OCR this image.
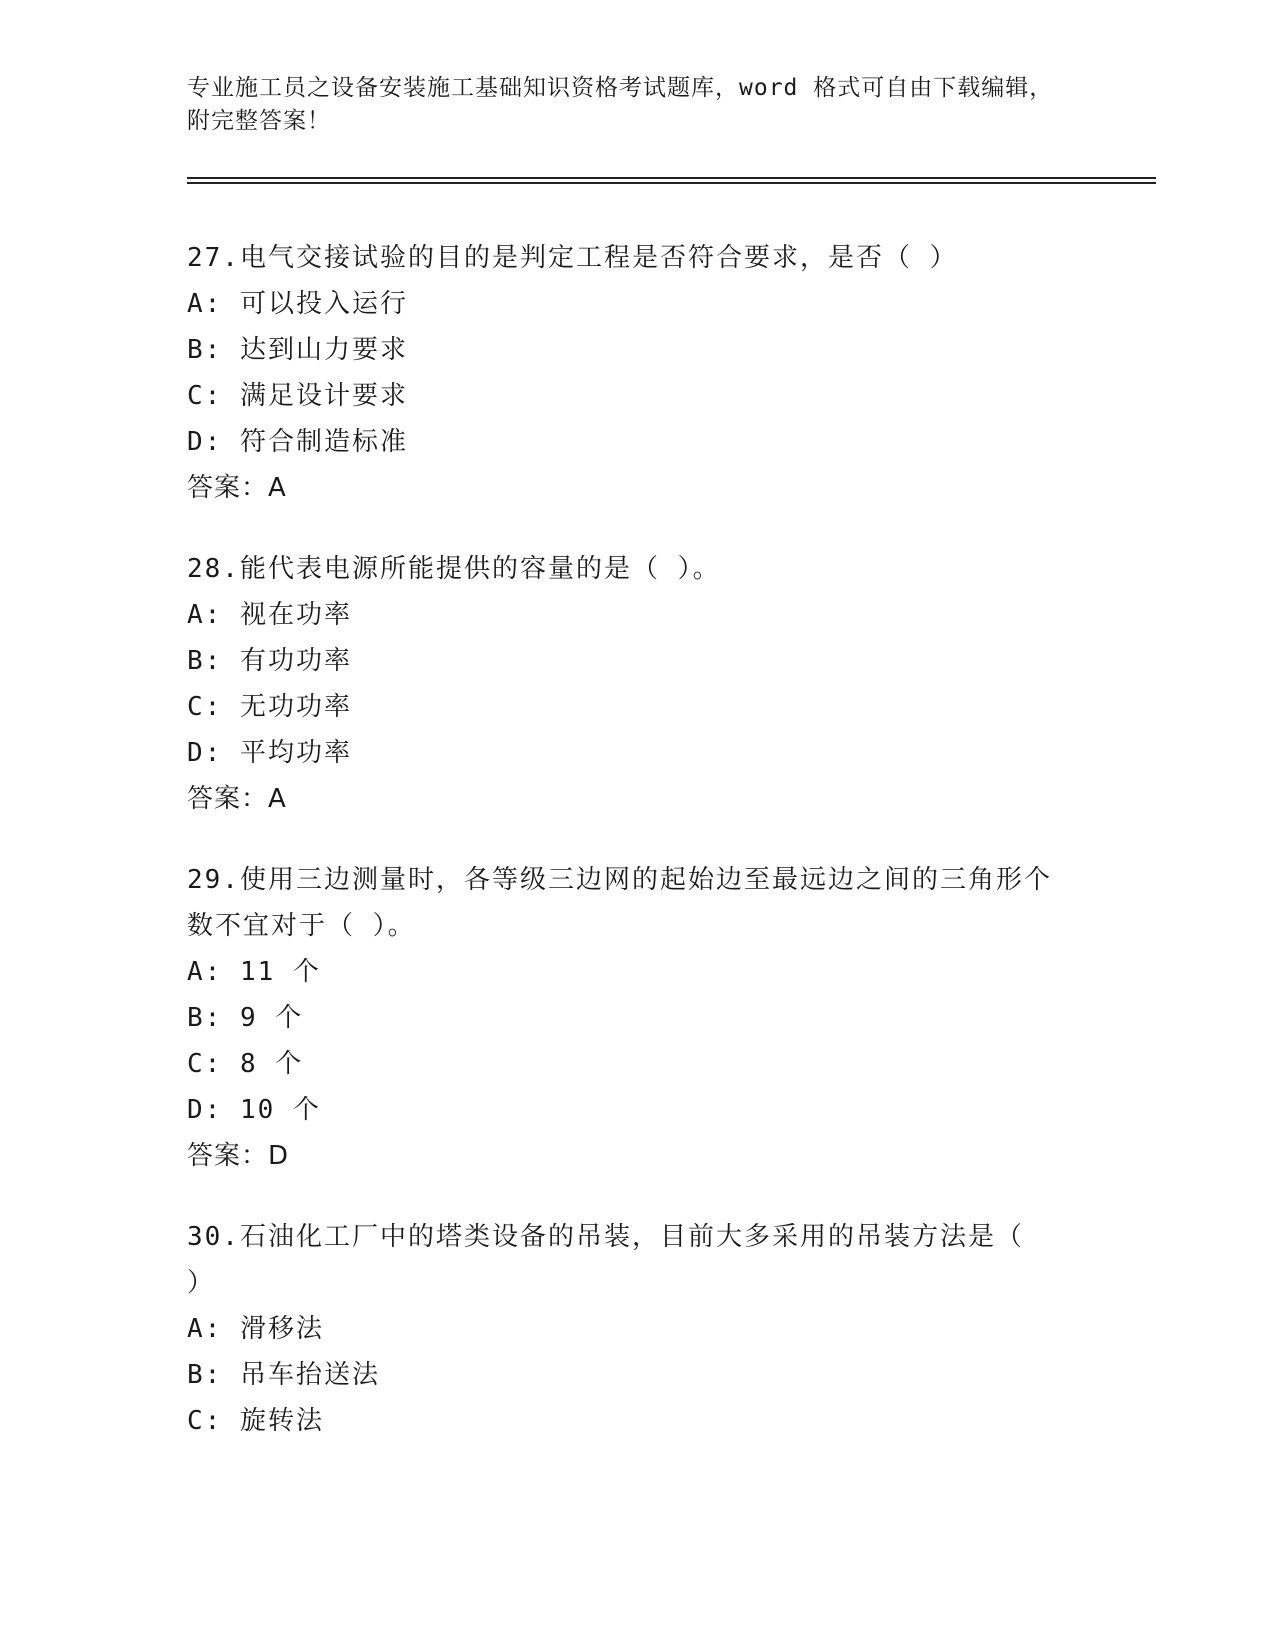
专业施工员之设备安装施工基础知识资格考试题库，word 格式可自由下载编辑，
附完整答案！
27.电气交接试验的目的是判定工程是否符合要求，是否（ ）
A: 可以投入运行
B: 达到山力要求
C: 满足设计要求
D: 符合制造标准
答案：A
28.能代表电源所能提供的容量的是（ ）。
A: 视在功率
B: 有功功率
C: 无功功率
D: 平均功率
答案：A
29.使用三边测量时，各等级三边网的起始边至最远边之间的三角形个
数不宜对于（ ）。
A: 11 个
B: 9 个
C: 8 个
D: 10 个
答案：D
30.石油化工厂中的塔类设备的吊装，目前大多采用的吊装方法是（
）
A: 滑移法
B: 吊车抬送法
C: 旋转法
